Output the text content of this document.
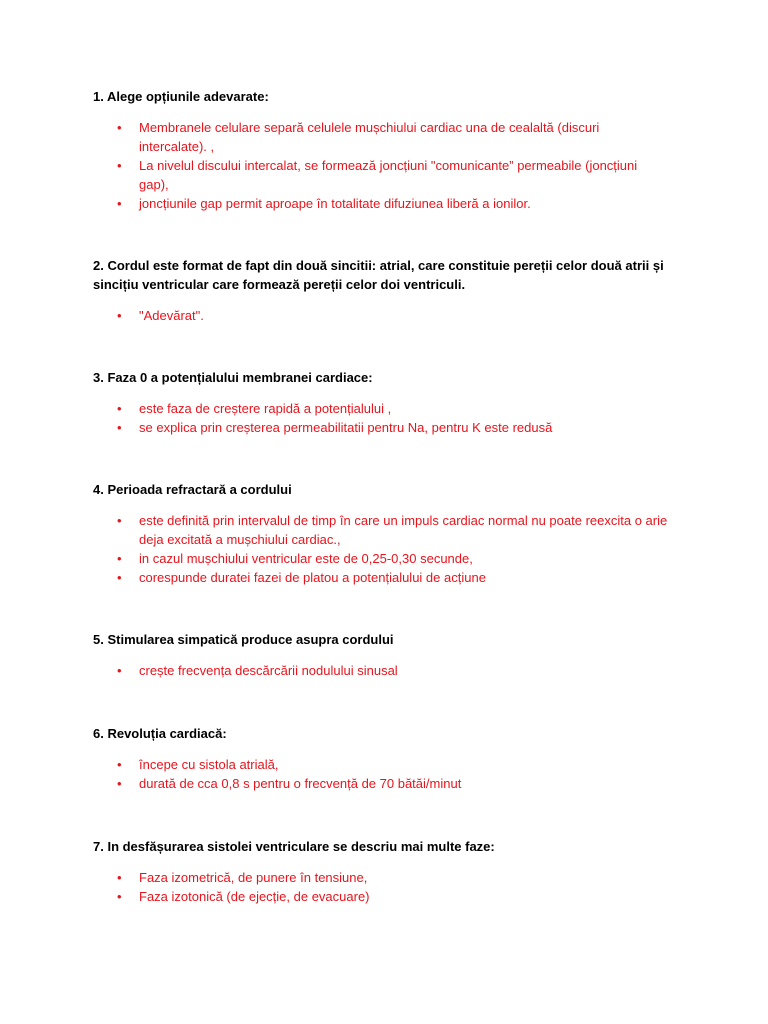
1. Alege opțiunile adevarate:

• Membranele celulare separă celulele mușchiului cardiac una de cealaltă (discuri intercalate). ,
• La nivelul discului intercalat, se formează joncțiuni "comunicante” permeabile (joncțiuni gap),
• joncțiunile gap permit aproape în totalitate difuziunea liberă a ionilor.

2. Cordul este format de fapt din două sincitii: atrial, care constituie pereții celor două atrii și sincițiu ventricular care formează pereții celor doi ventriculi.

• "Adevărat".

3. Faza 0 a potențialului membranei cardiace:

• este faza de creștere rapidă a potențialului ,
• se explica prin creșterea permeabilitatii pentru Na, pentru K este redusă

4. Perioada refractară a cordului

• este definită prin intervalul de timp în care un impuls cardiac normal nu poate reexcita o arie deja excitată a mușchiului cardiac.,
• in cazul mușchiului ventricular este de 0,25-0,30 secunde,
• corespunde duratei fazei de platou a potențialului de acțiune

5. Stimularea simpatică produce asupra cordului

• crește frecvența descărcării nodulului sinusal

6. Revoluția cardiacă:

• începe cu sistola atrială,
• durată de cca 0,8 s pentru o frecvență de 70 bătăi/minut

7. In desfășurarea sistolei ventriculare se descriu mai multe faze:

• Faza izometrică, de punere în tensiune,
• Faza izotonică (de ejecție, de evacuare)
